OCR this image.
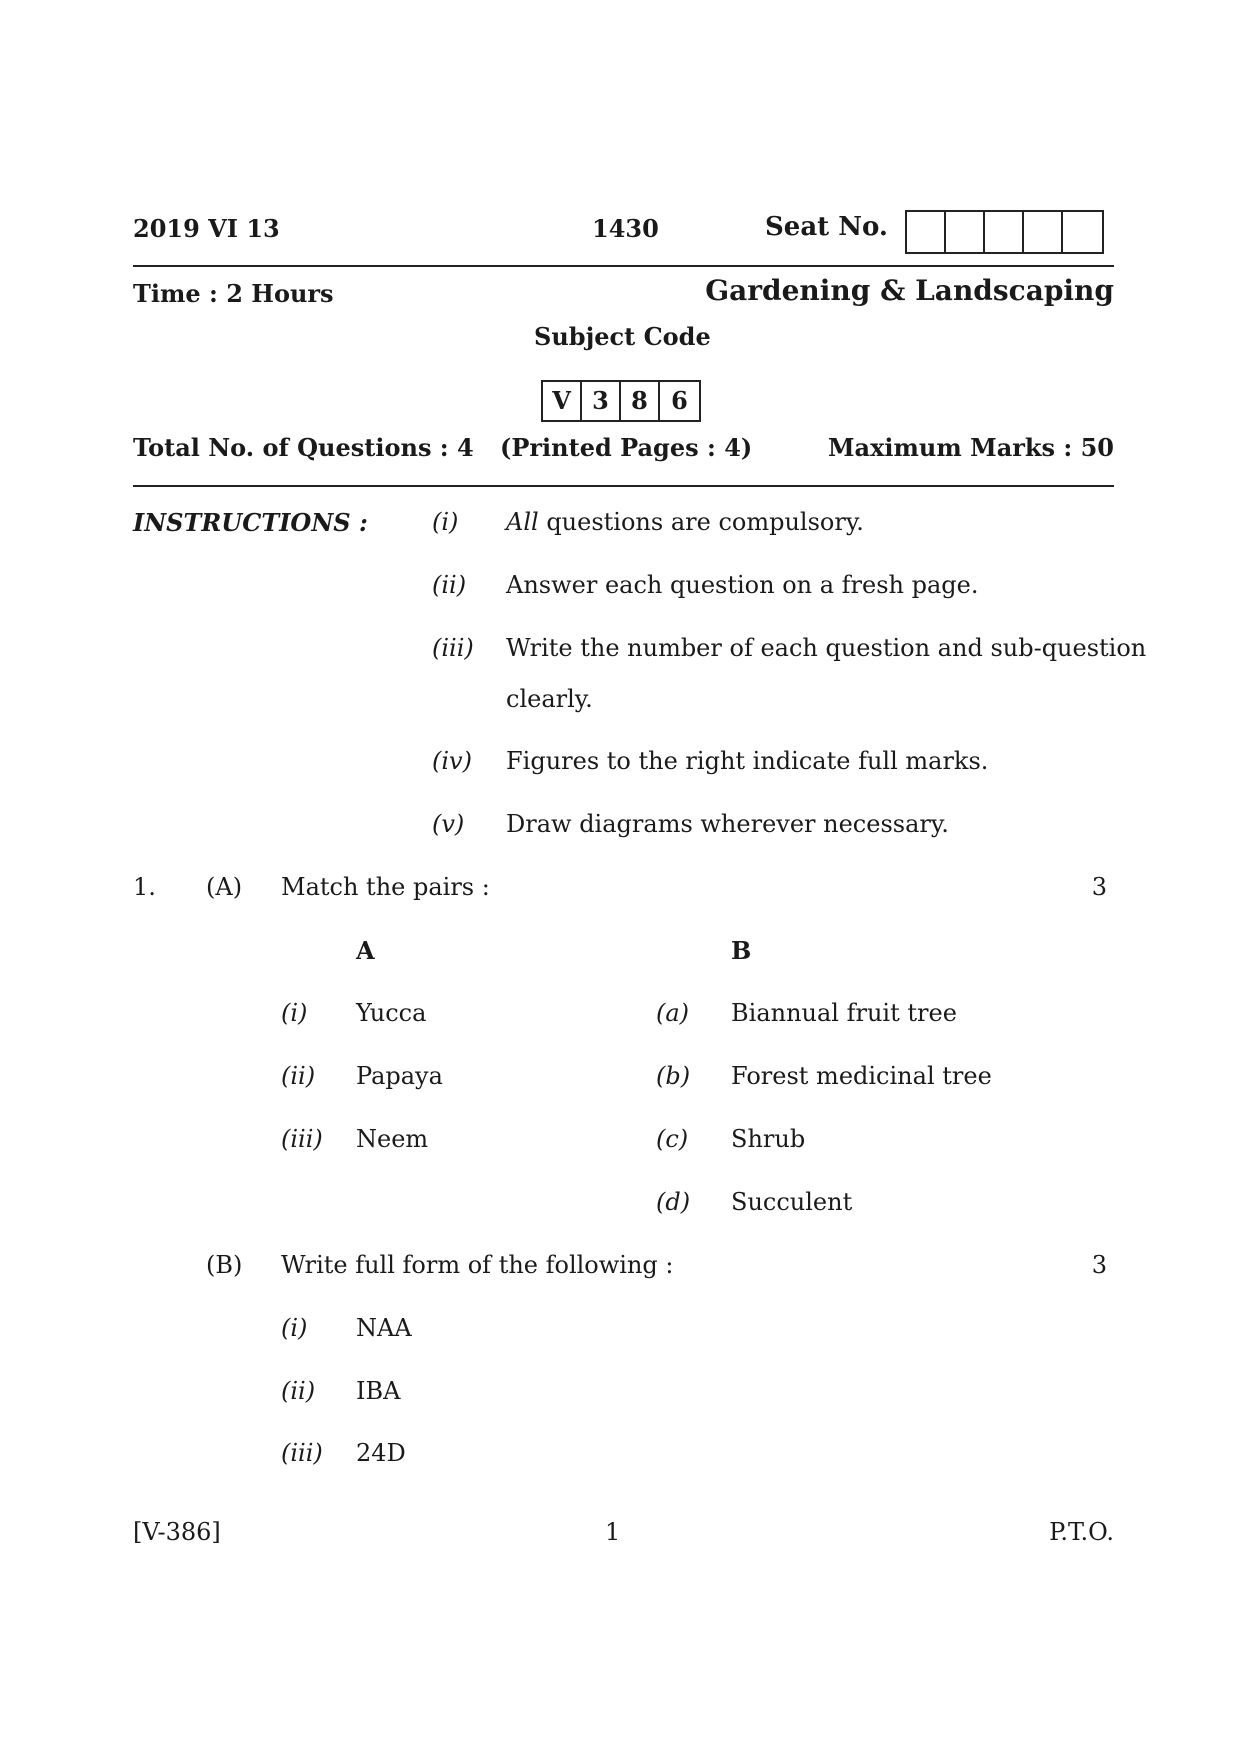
2019 VI 13	1430	Seat No.
Time : 2 Hours	Gardening & Landscaping
Subject Code
V 3 8 6
Total No. of Questions : 4 (Printed Pages : 4)	Maximum Marks : 50
INSTRUCTIONS :	(i) All questions are compulsory.
(ii) Answer each question on a fresh page.
(iii) Write the number of each question and sub-question
clearly.
(iv) Figures to the right indicate full marks.
(v) Draw diagrams wherever necessary.
1. (A) Match the pairs :	3
A	B
(i) Yucca	(a) Biannual fruit tree
(ii) Papaya	(b) Forest medicinal tree
(iii) Neem	(c) Shrub
(d) Succulent
(B) Write full form of the following :	3
(i) NAA
(ii) IBA
(iii) 24D
[V-386]	1	P.T.O.
